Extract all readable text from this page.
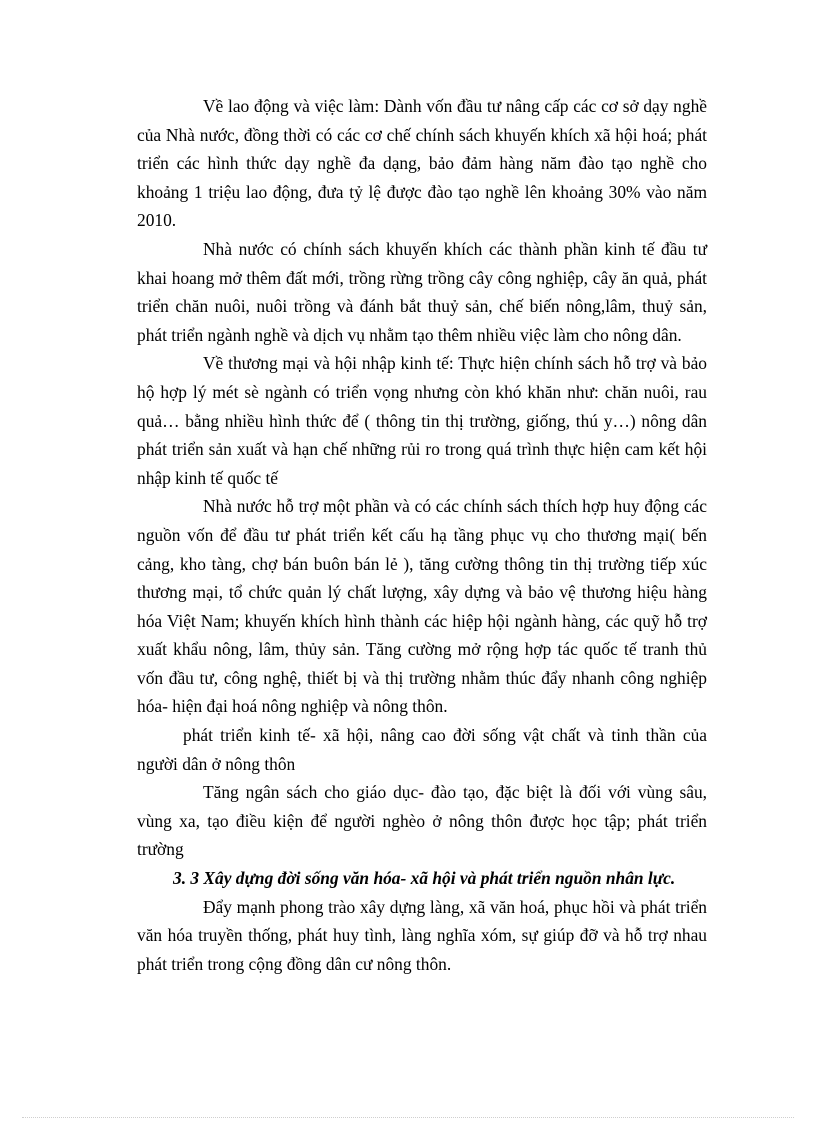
Về lao động và việc làm: Dành vốn đầu tư nâng cấp các cơ sở dạy nghề của Nhà nước, đồng thời có các cơ chế chính sách khuyến khích xã hội hoá; phát triển các hình thức dạy nghề đa dạng, bảo đảm hàng năm đào tạo nghề cho khoảng 1 triệu lao động, đưa tỷ lệ được đào tạo nghề lên khoảng 30% vào năm 2010.

Nhà nước có chính sách khuyến khích các thành phần kinh tế đầu tư khai hoang mở thêm đất mới, trồng rừng trồng cây công nghiệp, cây ăn quả, phát triển chăn nuôi, nuôi trồng và đánh bắt thuỷ sản, chế biến nông,lâm, thuỷ sản, phát triển ngành nghề và dịch vụ nhằm tạo thêm nhiều việc làm cho nông dân.

Về thương mại và hội nhập kinh tế: Thực hiện chính sách hỗ trợ và bảo hộ hợp lý mét sè ngành có triển vọng nhưng còn khó khăn như: chăn nuôi, rau quả… bằng nhiều hình thức để ( thông tin thị trường, giống, thú y…) nông dân phát triển sản xuất và hạn chế những rủi ro trong quá trình thực hiện cam kết hội nhập kinh tế quốc tế

Nhà nước hỗ trợ một phần và có các chính sách thích hợp huy động các nguồn vốn để đầu tư phát triển kết cấu hạ tầng phục vụ cho thương mại( bến cảng, kho tàng, chợ bán buôn bán lẻ ), tăng cường thông tin thị trường tiếp xúc thương mại, tổ chức quản lý chất lượng, xây dựng và bảo vệ thương hiệu hàng hóa Việt Nam; khuyến khích hình thành các hiệp hội ngành hàng, các quỹ hỗ trợ xuất khẩu nông, lâm, thủy sản. Tăng cường mở rộng hợp tác quốc tế tranh thủ vốn đầu tư, công nghệ, thiết bị và thị trường nhằm thúc đẩy nhanh công nghiệp hóa- hiện đại hoá nông nghiệp và nông thôn.

phát triển kinh tế- xã hội, nâng cao đời sống vật chất và tinh thần của người dân ở nông thôn

Tăng ngân sách cho giáo dục- đào tạo, đặc biệt là đối với vùng sâu, vùng xa, tạo điều kiện để người nghèo ở nông thôn được học tập; phát triển trường

3. 3 Xây dựng đời sống văn hóa- xã hội và phát triển nguồn nhân lực.

Đẩy mạnh phong trào xây dựng làng, xã văn hoá, phục hồi và phát triển văn hóa truyền thống, phát huy tình, làng nghĩa xóm, sự giúp đỡ và hỗ trợ nhau phát triển trong cộng đồng dân cư nông thôn.
